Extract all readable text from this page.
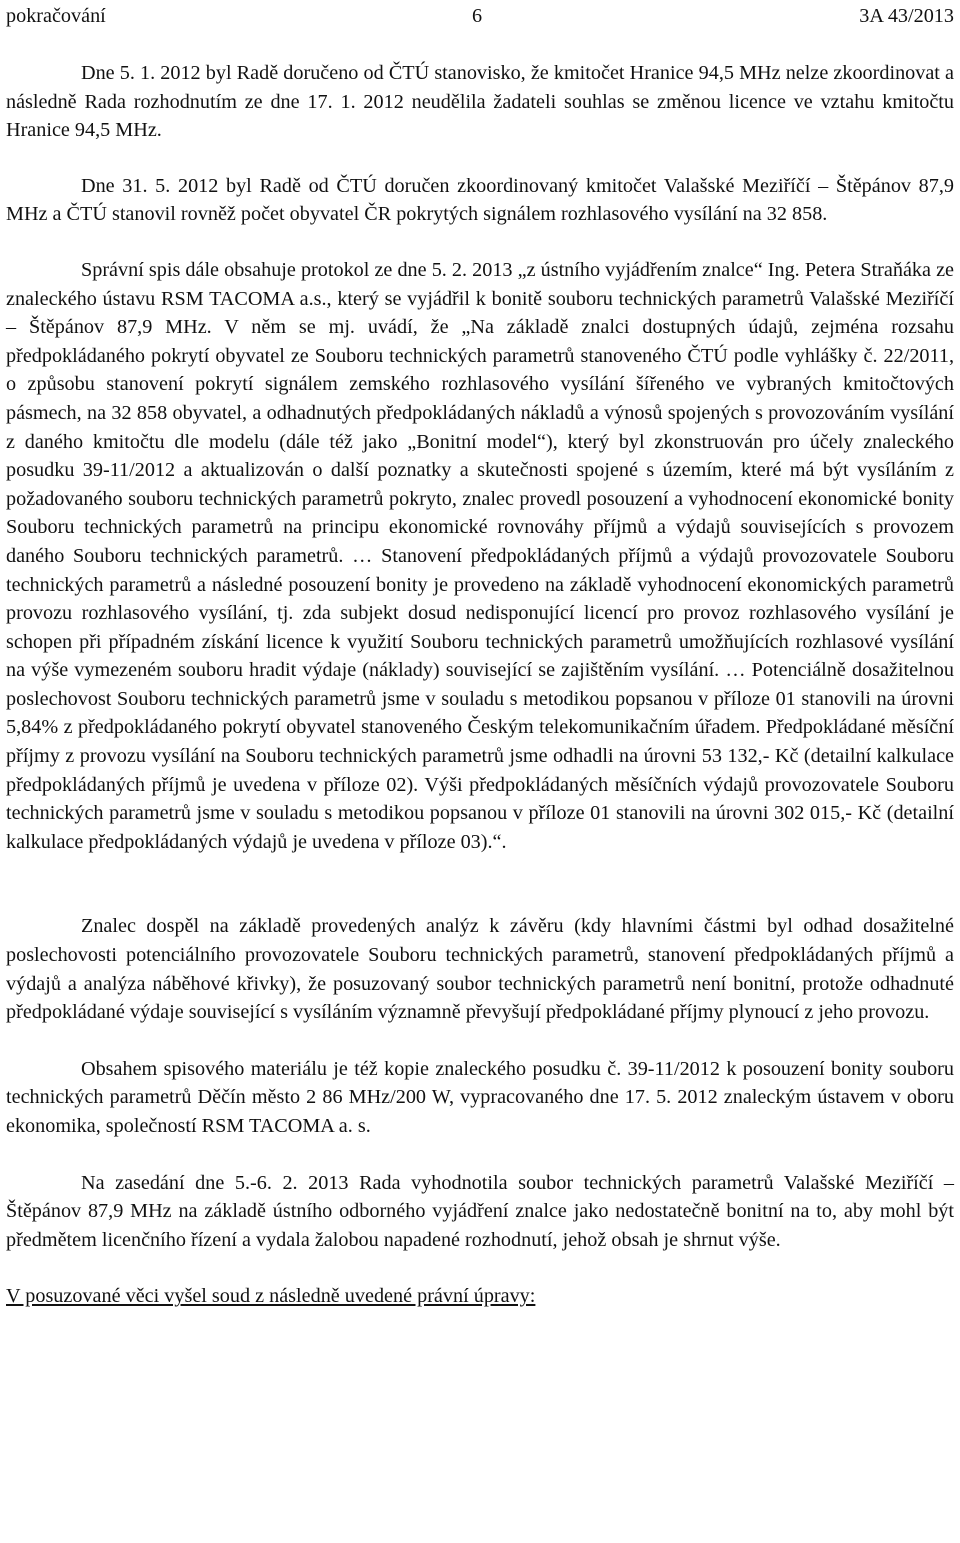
pokračování	6	3A 43/2013

Dne 5. 1. 2012 byl Radě doručeno od ČTÚ stanovisko, že kmitočet Hranice 94,5 MHz nelze zkoordinovat a následně Rada rozhodnutím ze dne 17. 1. 2012 neudělila žadateli souhlas se změnou licence ve vztahu kmitočtu Hranice 94,5 MHz.

Dne 31. 5. 2012 byl Radě od ČTÚ doručen zkoordinovaný kmitočet Valašské Meziříčí – Štěpánov 87,9 MHz a ČTÚ stanovil rovněž počet obyvatel ČR pokrytých signálem rozhlasového vysílání na 32 858.

Správní spis dále obsahuje protokol ze dne 5. 2. 2013 „z ústního vyjádřením znalce“ Ing. Petera Straňáka ze znaleckého ústavu RSM TACOMA a.s., který se vyjádřil k bonitě souboru technických parametrů Valašské Meziříčí – Štěpánov 87,9 MHz. V něm se mj. uvádí, že „Na základě znalci dostupných údajů, zejména rozsahu předpokládaného pokrytí obyvatel ze Souboru technických parametrů stanoveného ČTÚ podle vyhlášky č. 22/2011, o způsobu stanovení pokrytí signálem zemského rozhlasového vysílání šířeného ve vybraných kmitočtových pásmech, na 32 858 obyvatel, a odhadnutých předpokládaných nákladů a výnosů spojených s provozováním vysílání z daného kmitočtu dle modelu (dále též jako „Bonitní model“), který byl zkonstruován pro účely znaleckého posudku 39-11/2012 a aktualizován o další poznatky a skutečnosti spojené s územím, které má být vysíláním z požadovaného souboru technických parametrů pokryto, znalec provedl posouzení a vyhodnocení ekonomické bonity Souboru technických parametrů na principu ekonomické rovnováhy příjmů a výdajů souvisejících s provozem daného Souboru technických parametrů. … Stanovení předpokládaných příjmů a výdajů provozovatele Souboru technických parametrů a následné posouzení bonity je provedeno na základě vyhodnocení ekonomických parametrů provozu rozhlasového vysílání, tj. zda subjekt dosud nedisponující licencí pro provoz rozhlasového vysílání je schopen při případném získání licence k využití Souboru technických parametrů umožňujících rozhlasové vysílání na výše vymezeném souboru hradit výdaje (náklady) související se zajištěním vysílání. … Potenciálně dosažitelnou poslechovost Souboru technických parametrů jsme v souladu s metodikou popsanou v příloze 01 stanovili na úrovni 5,84% z předpokládaného pokrytí obyvatel stanoveného Českým telekomunikačním úřadem. Předpokládané měsíční příjmy z provozu vysílání na Souboru technických parametrů jsme odhadli na úrovni 53 132,- Kč (detailní kalkulace předpokládaných příjmů je uvedena v příloze 02). Výši předpokládaných měsíčních výdajů provozovatele Souboru technických parametrů jsme v souladu s metodikou popsanou v příloze 01 stanovili na úrovni 302 015,- Kč (detailní kalkulace předpokládaných výdajů je uvedena v příloze 03).“.

Znalec dospěl na základě provedených analýz k závěru (kdy hlavními částmi byl odhad dosažitelné poslechovosti potenciálního provozovatele Souboru technických parametrů, stanovení předpokládaných příjmů a výdajů a analýza náběhové křivky), že posuzovaný soubor technických parametrů není bonitní, protože odhadnuté předpokládané výdaje související s vysíláním významně převyšují předpokládané příjmy plynoucí z jeho provozu.

Obsahem spisového materiálu je též kopie znaleckého posudku č. 39-11/2012 k posouzení bonity souboru technických parametrů Děčín město 2 86 MHz/200 W, vypracovaného dne 17. 5. 2012 znaleckým ústavem v oboru ekonomika, společností RSM TACOMA a. s.

Na zasedání dne 5.-6. 2. 2013 Rada vyhodnotila soubor technických parametrů Valašské Meziříčí – Štěpánov 87,9 MHz na základě ústního odborného vyjádření znalce jako nedostatečně bonitní na to, aby mohl být předmětem licenčního řízení a vydala žalobou napadené rozhodnutí, jehož obsah je shrnut výše.

V posuzované věci vyšel soud z následně uvedené právní úpravy:
